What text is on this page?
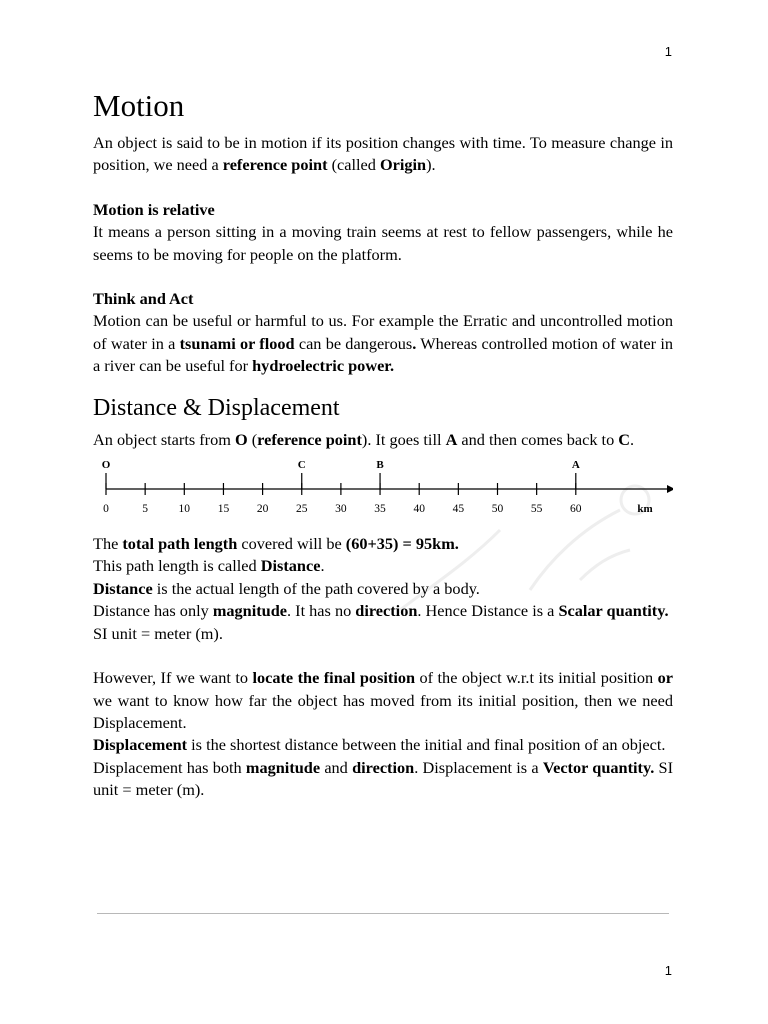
1
Motion

An object is said to be in motion if its position changes with time. To measure change in position, we need a reference point (called Origin).

Motion is relative

It means a person sitting in a moving train seems at rest to fellow passengers, while he seems to be moving for people on the platform.

Think and Act

Motion can be useful or harmful to us. For example the Erratic and uncontrolled motion of water in a tsunami or flood can be dangerous. Whereas controlled motion of water in a river can be useful for hydroelectric power.

Distance & Displacement

An object starts from O (reference point). It goes till A and then comes back to C.

0	5	10 15 20 25 30 35 40 45 50 55 60
O	C	B	A
km

The total path length covered will be (60+35) = 95km.

This path length is called Distance.

Distance is the actual length of the path covered by a body.

Distance has only magnitude. It has no direction. Hence Distance is a Scalar quantity.

SI unit = meter (m).

However, If we want to locate the final position of the object w.r.t its initial position or we want to know how far the object has moved from its initial position, then we need Displacement.

Displacement is the shortest distance between the initial and final position of an object.

Displacement has both magnitude and direction. Displacement is a Vector quantity. SI unit = meter (m).

1
